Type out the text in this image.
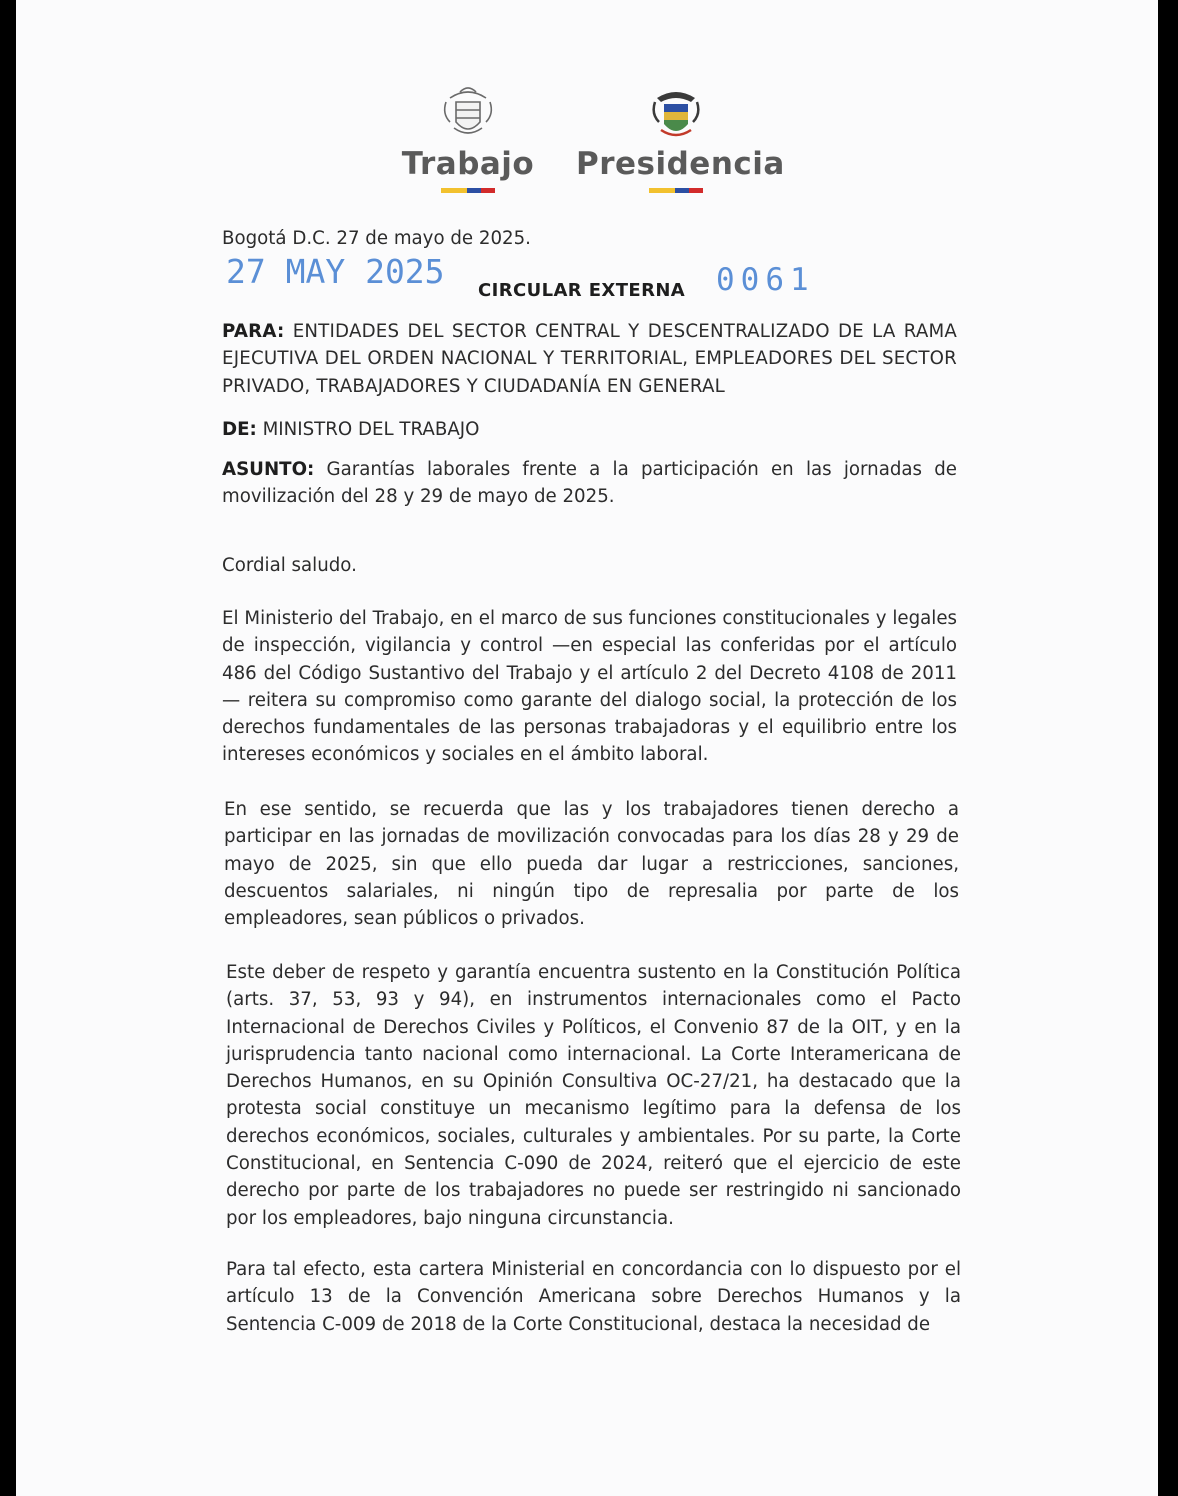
Trabajo Presidencia
Bogotá D.C. 27 de mayo de 2025.
27 MAY 2025	0061
CIRCULAR EXTERNA
PARA: ENTIDADES DEL SECTOR CENTRAL Y DESCENTRALIZADO DE LA RAMA EJECUTIVA DEL ORDEN NACIONAL Y TERRITORIAL, EMPLEADORES DEL SECTOR PRIVADO, TRABAJADORES Y CIUDADANÍA EN GENERAL
DE: MINISTRO DEL TRABAJO
ASUNTO: Garantías laborales frente a la participación en las jornadas de movilización del 28 y 29 de mayo de 2025.
Cordial saludo.
El Ministerio del Trabajo, en el marco de sus funciones constitucionales y legales de inspección, vigilancia y control —en especial las conferidas por el artículo 486 del Código Sustantivo del Trabajo y el artículo 2 del Decreto 4108 de 2011— reitera su compromiso como garante del dialogo social, la protección de los derechos fundamentales de las personas trabajadoras y el equilibrio entre los intereses económicos y sociales en el ámbito laboral.
En ese sentido, se recuerda que las y los trabajadores tienen derecho a participar en las jornadas de movilización convocadas para los días 28 y 29 de mayo de 2025, sin que ello pueda dar lugar a restricciones, sanciones, descuentos salariales, ni ningún tipo de represalia por parte de los empleadores, sean públicos o privados.
Este deber de respeto y garantía encuentra sustento en la Constitución Política (arts. 37, 53, 93 y 94), en instrumentos internacionales como el Pacto Internacional de Derechos Civiles y Políticos, el Convenio 87 de la OIT, y en la jurisprudencia tanto nacional como internacional. La Corte Interamericana de Derechos Humanos, en su Opinión Consultiva OC-27/21, ha destacado que la protesta social constituye un mecanismo legítimo para la defensa de los derechos económicos, sociales, culturales y ambientales. Por su parte, la Corte Constitucional, en Sentencia C-090 de 2024, reiteró que el ejercicio de este derecho por parte de los trabajadores no puede ser restringido ni sancionado por los empleadores, bajo ninguna circunstancia.
Para tal efecto, esta cartera Ministerial en concordancia con lo dispuesto por el artículo 13 de la Convención Americana sobre Derechos Humanos y la Sentencia C-009 de 2018 de la Corte Constitucional, destaca la necesidad de
